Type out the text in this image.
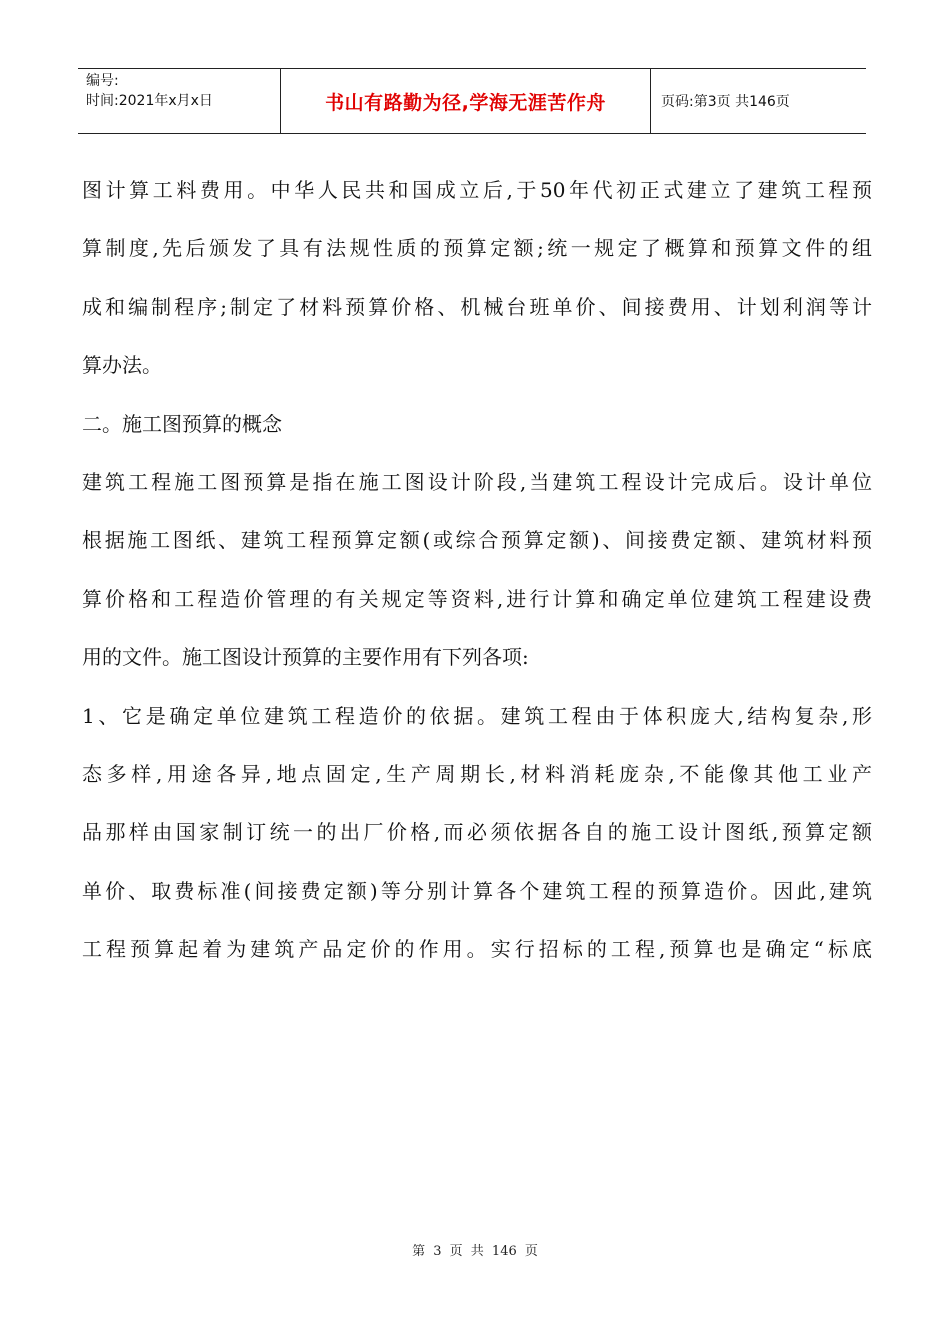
编号:
时间:2021年x月x日	书山有路勤为径,学海无涯苦作舟	页码:第3页 共146页
图计算工料费用。中华人民共和国成立后,于50年代初正式建立了建筑工程预
算制度,先后颁发了具有法规性质的预算定额;统一规定了概算和预算文件的组
成和编制程序;制定了材料预算价格、机械台班单价、间接费用、计划利润等计
算办法。
二。施工图预算的概念
建筑工程施工图预算是指在施工图设计阶段,当建筑工程设计完成后。设计单位
根据施工图纸、建筑工程预算定额(或综合预算定额)、间接费定额、建筑材料预
算价格和工程造价管理的有关规定等资料,进行计算和确定单位建筑工程建设费
用的文件。施工图设计预算的主要作用有下列各项:
1、它是确定单位建筑工程造价的依据。建筑工程由于体积庞大,结构复杂,形
态多样,用途各异,地点固定,生产周期长,材料消耗庞杂,不能像其他工业产
品那样由国家制订统一的出厂价格,而必须依据各自的施工设计图纸,预算定额
单价、取费标准(间接费定额)等分别计算各个建筑工程的预算造价。因此,建筑
工程预算起着为建筑产品定价的作用。实行招标的工程,预算也是确定“标底
第 3 页 共 146 页
